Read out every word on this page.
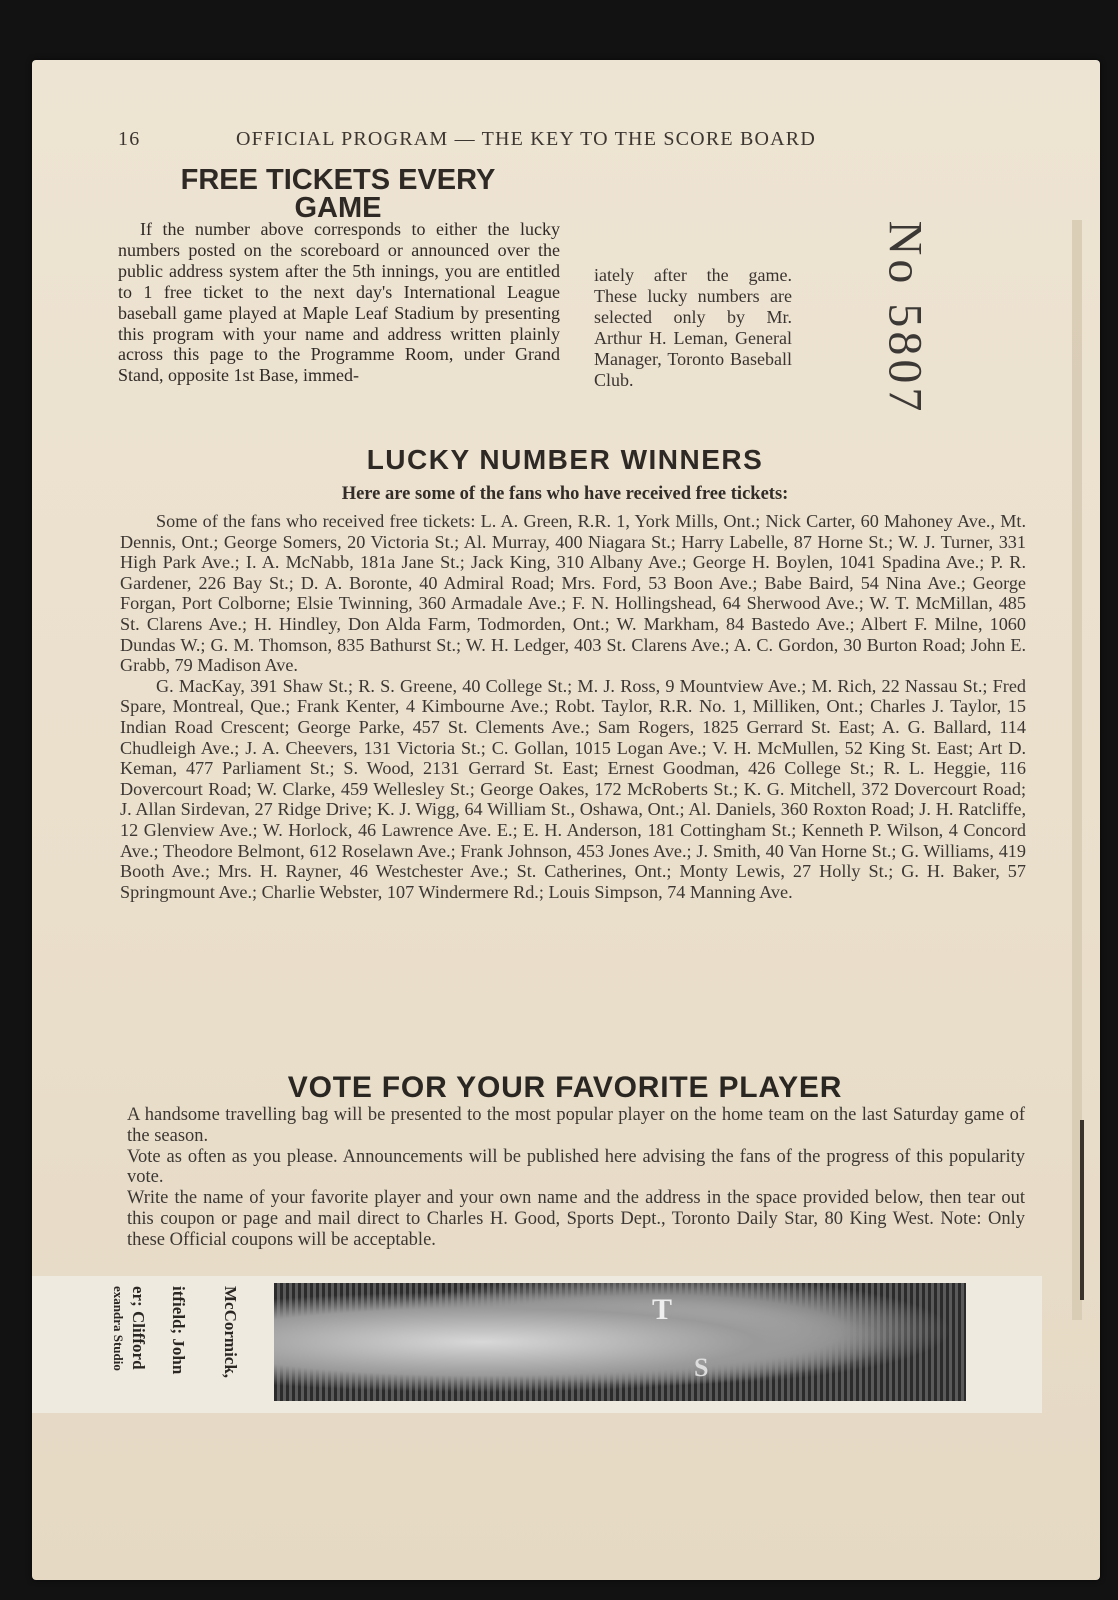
16	OFFICIAL PROGRAM — THE KEY TO THE SCORE BOARD
FREE TICKETS EVERY GAME
If the number above corresponds to either the lucky numbers posted on the scoreboard or announced over the public address system after the 5th innings, you are entitled to 1 free ticket to the next day's International League baseball game played at Maple Leaf Stadium by presenting this program with your name and address written plainly across this page to the Programme Room, under Grand Stand, opposite 1st Base, immed-
iately after the game. These lucky numbers are selected only by Mr. Arthur H. Leman, General Manager, Toronto Baseball Club.	No 5807
LUCKY NUMBER WINNERS
Here are some of the fans who have received free tickets:

Some of the fans who received free tickets: L. A. Green, R.R. 1, York Mills, Ont.; Nick Carter, 60 Mahoney Ave., Mt. Dennis, Ont.; George Somers, 20 Victoria St.; Al. Murray, 400 Niagara St.; Harry Labelle, 87 Horne St.; W. J. Turner, 331 High Park Ave.; I. A. McNabb, 181a Jane St.; Jack King, 310 Albany Ave.; George H. Boylen, 1041 Spadina Ave.; P. R. Gardener, 226 Bay St.; D. A. Boronte, 40 Admiral Road; Mrs. Ford, 53 Boon Ave.; Babe Baird, 54 Nina Ave.; George Forgan, Port Colborne; Elsie Twinning, 360 Armadale Ave.; F. N. Hollingshead, 64 Sherwood Ave.; W. T. McMillan, 485 St. Clarens Ave.; H. Hindley, Don Alda Farm, Todmorden, Ont.; W. Markham, 84 Bastedo Ave.; Albert F. Milne, 1060 Dundas W.; G. M. Thomson, 835 Bathurst St.; W. H. Ledger, 403 St. Clarens Ave.; A. C. Gordon, 30 Burton Road; John E. Grabb, 79 Madison Ave.

G. MacKay, 391 Shaw St.; R. S. Greene, 40 College St.; M. J. Ross, 9 Mountview Ave.; M. Rich, 22 Nassau St.; Fred Spare, Montreal, Que.; Frank Kenter, 4 Kimbourne Ave.; Robt. Taylor, R.R. No. 1, Milliken, Ont.; Charles J. Taylor, 15 Indian Road Crescent; George Parke, 457 St. Clements Ave.; Sam Rogers, 1825 Gerrard St. East; A. G. Ballard, 114 Chudleigh Ave.; J. A. Cheevers, 131 Victoria St.; C. Gollan, 1015 Logan Ave.; V. H. McMullen, 52 King St. East; Art D. Keman, 477 Parliament St.; S. Wood, 2131 Gerrard St. East; Ernest Goodman, 426 College St.; R. L. Heggie, 116 Dovercourt Road; W. Clarke, 459 Wellesley St.; George Oakes, 172 McRoberts St.; K. G. Mitchell, 372 Dovercourt Road; J. Allan Sirdevan, 27 Ridge Drive; K. J. Wigg, 64 William St., Oshawa, Ont.; Al. Daniels, 360 Roxton Road; J. H. Ratcliffe, 12 Glenview Ave.; W. Horlock, 46 Lawrence Ave. E.; E. H. Anderson, 181 Cottingham St.; Kenneth P. Wilson, 4 Concord Ave.; Theodore Belmont, 612 Roselawn Ave.; Frank Johnson, 453 Jones Ave.; J. Smith, 40 Van Horne St.; G. Williams, 419 Booth Ave.; Mrs. H. Rayner, 46 Westchester Ave.; St. Catherines, Ont.; Monty Lewis, 27 Holly St.; G. H. Baker, 57 Springmount Ave.; Charlie Webster, 107 Windermere Rd.; Louis Simpson, 74 Manning Ave.

VOTE FOR YOUR FAVORITE PLAYER
A handsome travelling bag will be presented to the most popular player on the home team on the last Saturday game of the season.
Vote as often as you please. Announcements will be published here advising the fans of the progress of this popularity vote.
Write the name of your favorite player and your own name and the address in the space provided below, then tear out this coupon or page and mail direct to Charles H. Good, Sports Dept., Toronto Daily Star, 80 King West. Note: Only these Official coupons will be acceptable.
McCormick,
itfield; John
er; Clifford
exandra Studio	T
S
